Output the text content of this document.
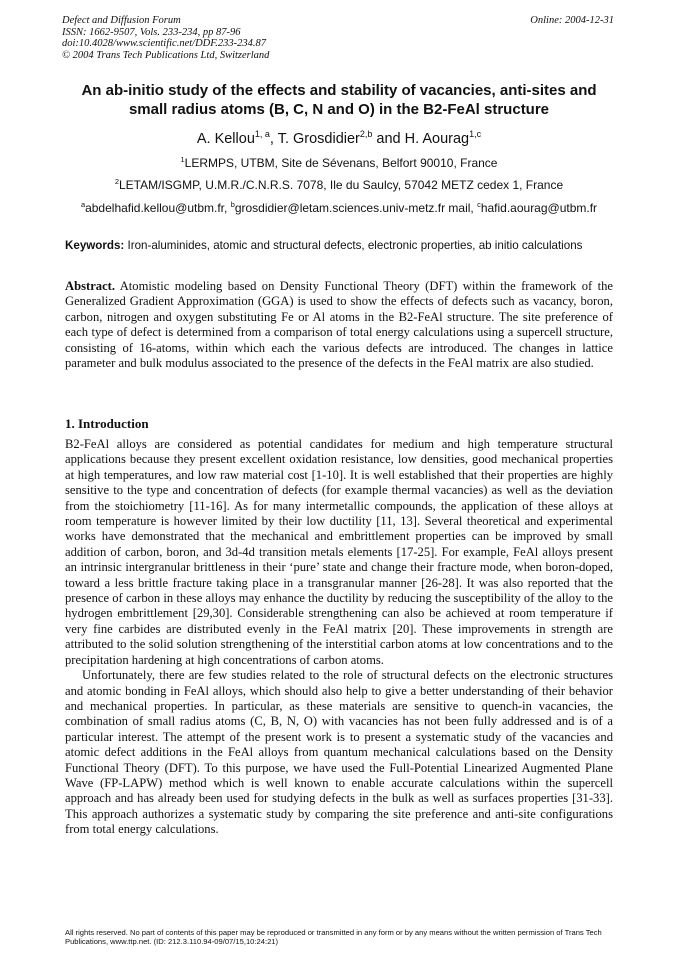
Defect and Diffusion Forum
ISSN: 1662-9507, Vols. 233-234, pp 87-96
doi:10.4028/www.scientific.net/DDF.233-234.87
© 2004 Trans Tech Publications Ltd, Switzerland
Online: 2004-12-31
An ab-initio study of the effects and stability of vacancies, anti-sites and
small radius atoms (B, C, N and O) in the B2-FeAl structure
A. Kellou$^{1, a}$, T. Grosdidier$^{2,b}$ and H. Aourag$^{1,c}$
$^1$LERMPS, UTBM, Site de Sévenans, Belfort 90010, France
$^2$LETAM/ISGMP, U.M.R./C.N.R.S. 7078, Ile du Saulcy, 57042 METZ cedex 1, France
$^a$abdelhafid.kellou@utbm.fr, $^b$grosdidier@letam.sciences.univ-metz.fr mail, $^c$hafid.aourag@utbm.fr
Keywords: Iron-aluminides, atomic and structural defects, electronic properties, ab initio calculations
Abstract. Atomistic modeling based on Density Functional Theory (DFT) within the framework of the Generalized Gradient Approximation (GGA) is used to show the effects of defects such as vacancy, boron, carbon, nitrogen and oxygen substituting Fe or Al atoms in the B2-FeAl structure. The site preference of each type of defect is determined from a comparison of total energy calculations using a supercell structure, consisting of 16-atoms, within which each the various defects are introduced. The changes in lattice parameter and bulk modulus associated to the presence of the defects in the FeAl matrix are also studied.
1. Introduction

B2-FeAl alloys are considered as potential candidates for medium and high temperature structural applications because they present excellent oxidation resistance, low densities, good mechanical properties at high temperatures, and low raw material cost [1-10]. It is well established that their properties are highly sensitive to the type and concentration of defects (for example thermal vacancies) as well as the deviation from the stoichiometry [11-16]. As for many intermetallic compounds, the application of these alloys at room temperature is however limited by their low ductility [11, 13]. Several theoretical and experimental works have demonstrated that the mechanical and embrittlement properties can be improved by small addition of carbon, boron, and 3d-4d transition metals elements [17-25]. For example, FeAl alloys present an intrinsic intergranular brittleness in their ‘pure’ state and change their fracture mode, when boron-doped, toward a less brittle fracture taking place in a transgranular manner [26-28]. It was also reported that the presence of carbon in these alloys may enhance the ductility by reducing the susceptibility of the alloy to the hydrogen embrittlement [29,30]. Considerable strengthening can also be achieved at room temperature if very fine carbides are distributed evenly in the FeAl matrix [20]. These improvements in strength are attributed to the solid solution strengthening of the interstitial carbon atoms at low concentrations and to the precipitation hardening at high concentrations of carbon atoms.

Unfortunately, there are few studies related to the role of structural defects on the electronic structures and atomic bonding in FeAl alloys, which should also help to give a better understanding of their behavior and mechanical properties. In particular, as these materials are sensitive to quench-in vacancies, the combination of small radius atoms (C, B, N, O) with vacancies has not been fully addressed and is of a particular interest. The attempt of the present work is to present a systematic study of the vacancies and atomic defect additions in the FeAl alloys from quantum mechanical calculations based on the Density Functional Theory (DFT). To this purpose, we have used the Full-Potential Linearized Augmented Plane Wave (FP-LAPW) method which is well known to enable accurate calculations within the supercell approach and has already been used for studying defects in the bulk as well as surfaces properties [31-33]. This approach authorizes a systematic study by comparing the site preference and anti-site configurations from total energy calculations.

All rights reserved. No part of contents of this paper may be reproduced or transmitted in any form or by any means without the written permission of Trans Tech Publications, www.ttp.net. (ID: 212.3.110.94-09/07/15,10:24:21)
